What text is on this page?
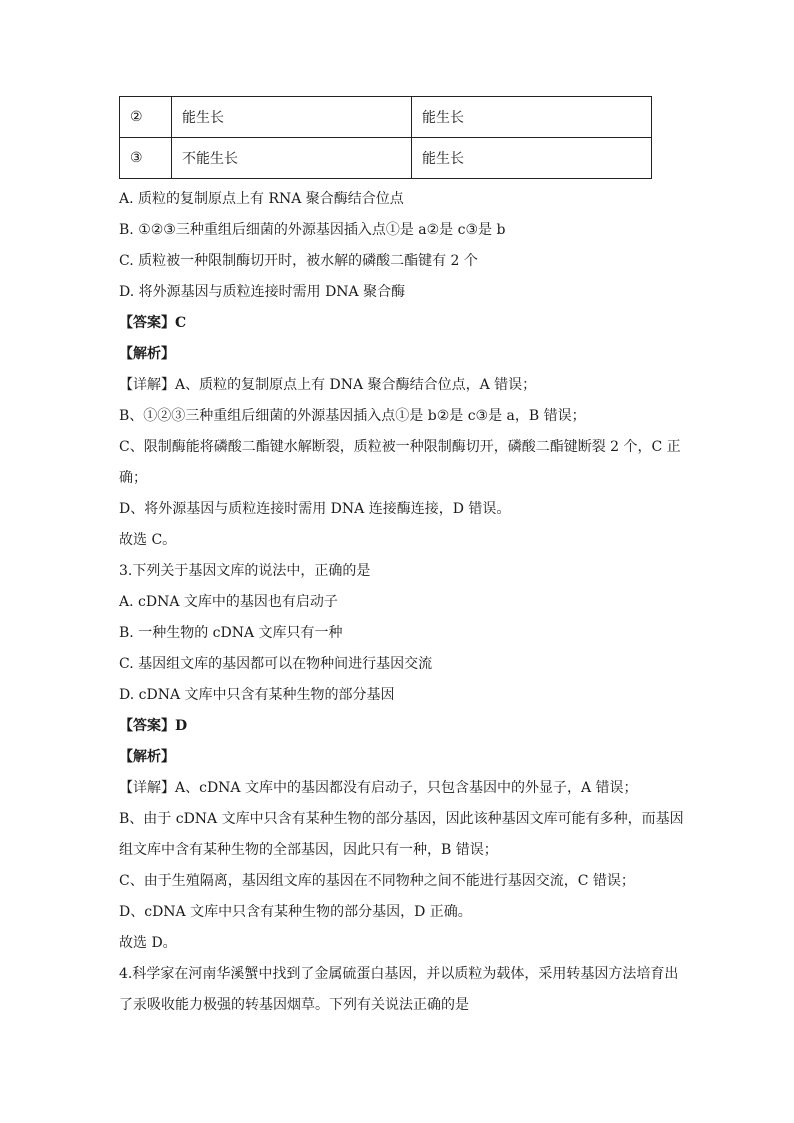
②	能生长	能生长
③	不能生长	能生长
A. 质粒的复制原点上有 RNA 聚合酶结合位点
B. ①②③三种重组后细菌的外源基因插入点①是 a②是 c③是 b
C. 质粒被一种限制酶切开时，被水解的磷酸二酯键有 2 个
D. 将外源基因与质粒连接时需用 DNA 聚合酶
【答案】C
【解析】
【详解】A、质粒的复制原点上有 DNA 聚合酶结合位点，A 错误；
B、①②③三种重组后细菌的外源基因插入点①是 b②是 c③是 a，B 错误；
C、限制酶能将磷酸二酯键水解断裂，质粒被一种限制酶切开，磷酸二酯键断裂 2 个，C 正
确；
D、将外源基因与质粒连接时需用 DNA 连接酶连接，D 错误。
故选 C。
3.下列关于基因文库的说法中，正确的是
A. cDNA 文库中的基因也有启动子
B. 一种生物的 cDNA 文库只有一种
C. 基因组文库的基因都可以在物种间进行基因交流
D. cDNA 文库中只含有某种生物的部分基因
【答案】D
【解析】
【详解】A、cDNA 文库中的基因都没有启动子，只包含基因中的外显子，A 错误；
B、由于 cDNA 文库中只含有某种生物的部分基因，因此该种基因文库可能有多种，而基因
组文库中含有某种生物的全部基因，因此只有一种，B 错误；
C、由于生殖隔离，基因组文库的基因在不同物种之间不能进行基因交流，C 错误；
D、cDNA 文库中只含有某种生物的部分基因，D 正确。
故选 D。
4.科学家在河南华溪蟹中找到了金属硫蛋白基因，并以质粒为载体，采用转基因方法培育出
了汞吸收能力极强的转基因烟草。下列有关说法正确的是
